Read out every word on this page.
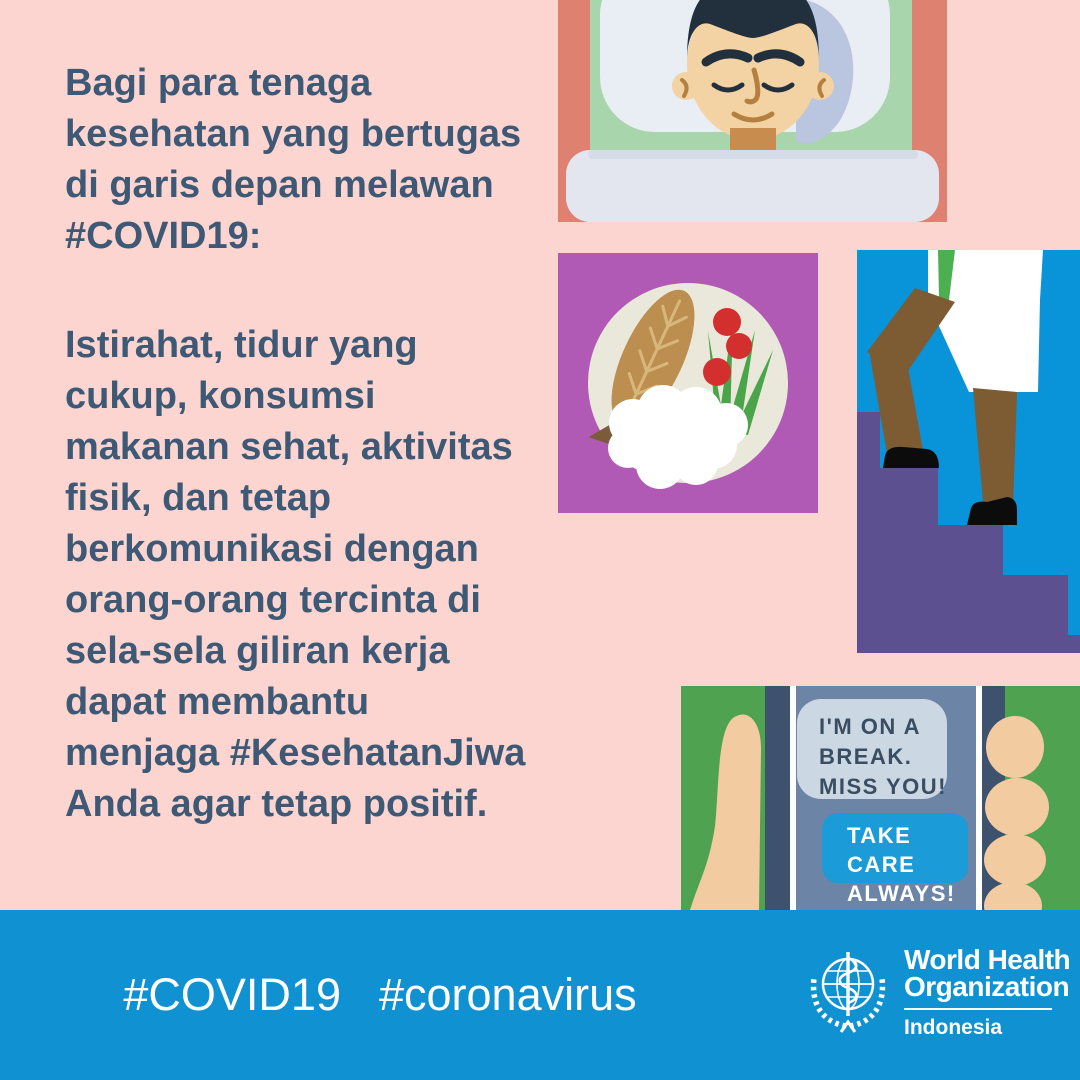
Bagi para tenaga
kesehatan yang bertugas
di garis depan melawan
#COVID19:

Istirahat, tidur yang
cukup, konsumsi
makanan sehat, aktivitas
fisik, dan tetap
berkomunikasi dengan
orang-orang tercinta di
sela-sela giliran kerja
dapat membantu
menjaga #KesehatanJiwa
Anda agar tetap positif.

I'M ON A
BREAK.
MISS YOU!
TAKE CARE
ALWAYS!
#COVID19 #coronavirus
World Health
Organization
Indonesia
